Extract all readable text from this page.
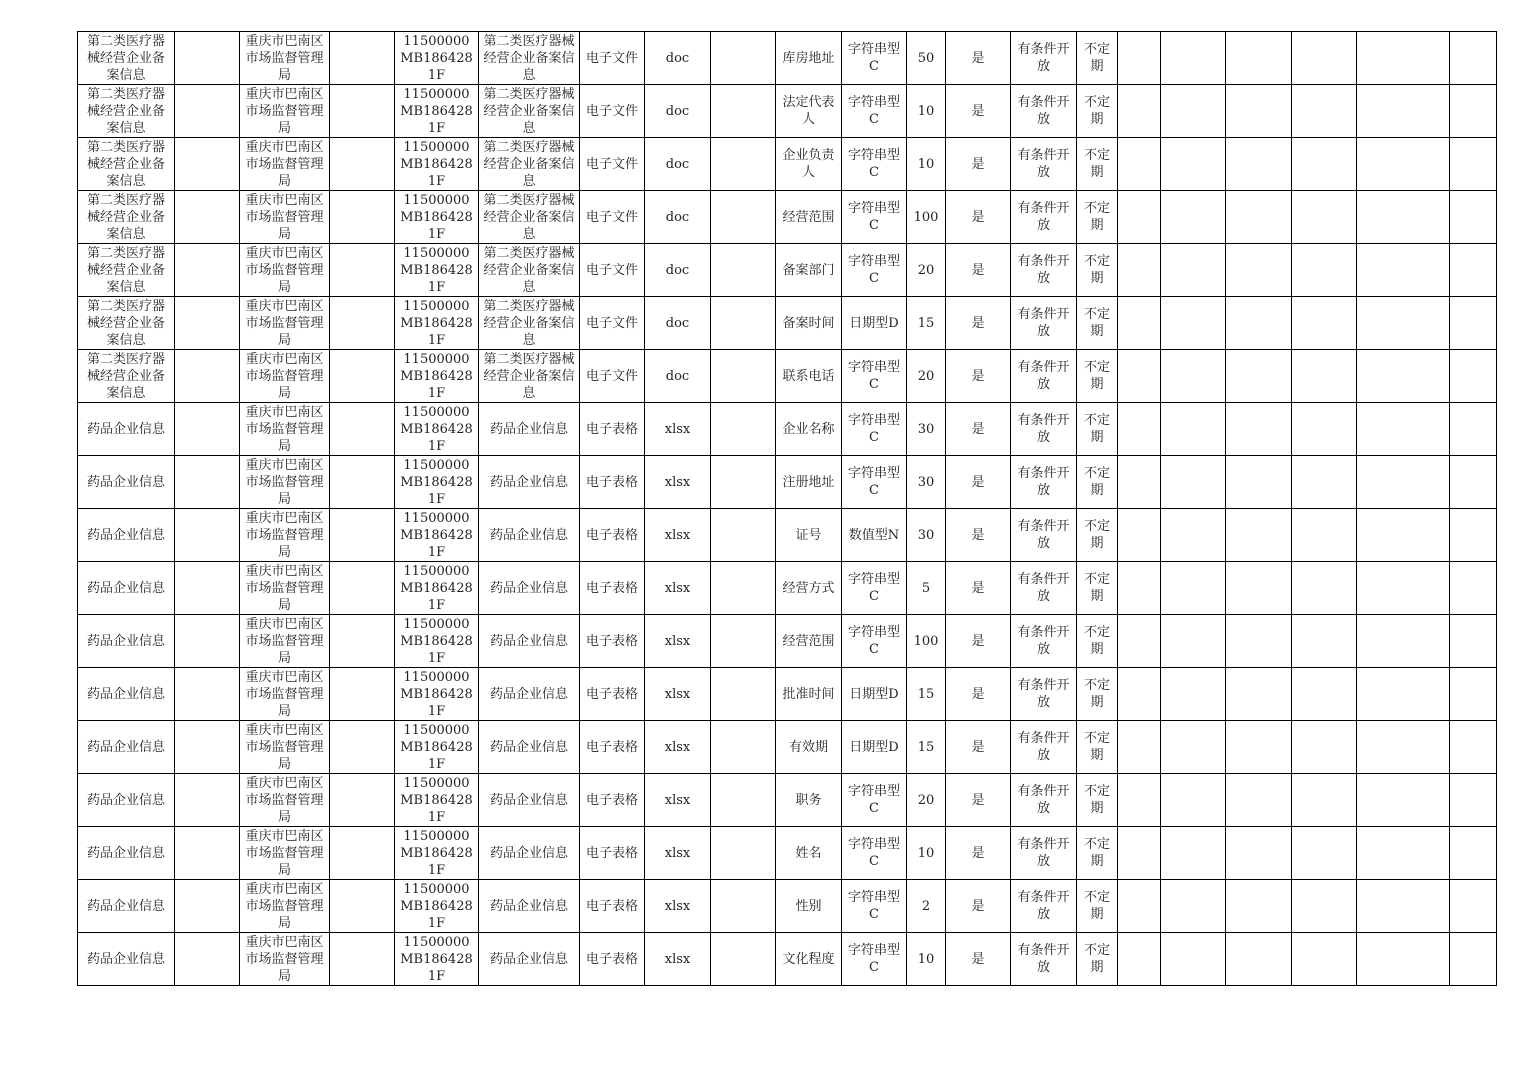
第二类医疗器械经营企业备案信息		重庆市巴南区市场监督管理局		11500000MB1864281F	第二类医疗器械经营企业备案信息	电子文件	doc		库房地址	字符串型C	50	是	有条件开放	不定期						
第二类医疗器械经营企业备案信息		重庆市巴南区市场监督管理局		11500000MB1864281F	第二类医疗器械经营企业备案信息	电子文件	doc		法定代表人	字符串型C	10	是	有条件开放	不定期						
第二类医疗器械经营企业备案信息		重庆市巴南区市场监督管理局		11500000MB1864281F	第二类医疗器械经营企业备案信息	电子文件	doc		企业负责人	字符串型C	10	是	有条件开放	不定期						
第二类医疗器械经营企业备案信息		重庆市巴南区市场监督管理局		11500000MB1864281F	第二类医疗器械经营企业备案信息	电子文件	doc		经营范围	字符串型C	100	是	有条件开放	不定期						
第二类医疗器械经营企业备案信息		重庆市巴南区市场监督管理局		11500000MB1864281F	第二类医疗器械经营企业备案信息	电子文件	doc		备案部门	字符串型C	20	是	有条件开放	不定期						
第二类医疗器械经营企业备案信息		重庆市巴南区市场监督管理局		11500000MB1864281F	第二类医疗器械经营企业备案信息	电子文件	doc		备案时间	日期型D	15	是	有条件开放	不定期						
第二类医疗器械经营企业备案信息		重庆市巴南区市场监督管理局		11500000MB1864281F	第二类医疗器械经营企业备案信息	电子文件	doc		联系电话	字符串型C	20	是	有条件开放	不定期						
药品企业信息		重庆市巴南区市场监督管理局		11500000MB1864281F	药品企业信息	电子表格	xlsx		企业名称	字符串型C	30	是	有条件开放	不定期						
药品企业信息		重庆市巴南区市场监督管理局		11500000MB1864281F	药品企业信息	电子表格	xlsx		注册地址	字符串型C	30	是	有条件开放	不定期						
药品企业信息		重庆市巴南区市场监督管理局		11500000MB1864281F	药品企业信息	电子表格	xlsx		证号	数值型N	30	是	有条件开放	不定期						
药品企业信息		重庆市巴南区市场监督管理局		11500000MB1864281F	药品企业信息	电子表格	xlsx		经营方式	字符串型C	5	是	有条件开放	不定期						
药品企业信息		重庆市巴南区市场监督管理局		11500000MB1864281F	药品企业信息	电子表格	xlsx		经营范围	字符串型C	100	是	有条件开放	不定期						
药品企业信息		重庆市巴南区市场监督管理局		11500000MB1864281F	药品企业信息	电子表格	xlsx		批准时间	日期型D	15	是	有条件开放	不定期						
药品企业信息		重庆市巴南区市场监督管理局		11500000MB1864281F	药品企业信息	电子表格	xlsx		有效期	日期型D	15	是	有条件开放	不定期						
药品企业信息		重庆市巴南区市场监督管理局		11500000MB1864281F	药品企业信息	电子表格	xlsx		职务	字符串型C	20	是	有条件开放	不定期						
药品企业信息		重庆市巴南区市场监督管理局		11500000MB1864281F	药品企业信息	电子表格	xlsx		姓名	字符串型C	10	是	有条件开放	不定期						
药品企业信息		重庆市巴南区市场监督管理局		11500000MB1864281F	药品企业信息	电子表格	xlsx		性别	字符串型C	2	是	有条件开放	不定期						
药品企业信息		重庆市巴南区市场监督管理局		11500000MB1864281F	药品企业信息	电子表格	xlsx		文化程度	字符串型C	10	是	有条件开放	不定期						
